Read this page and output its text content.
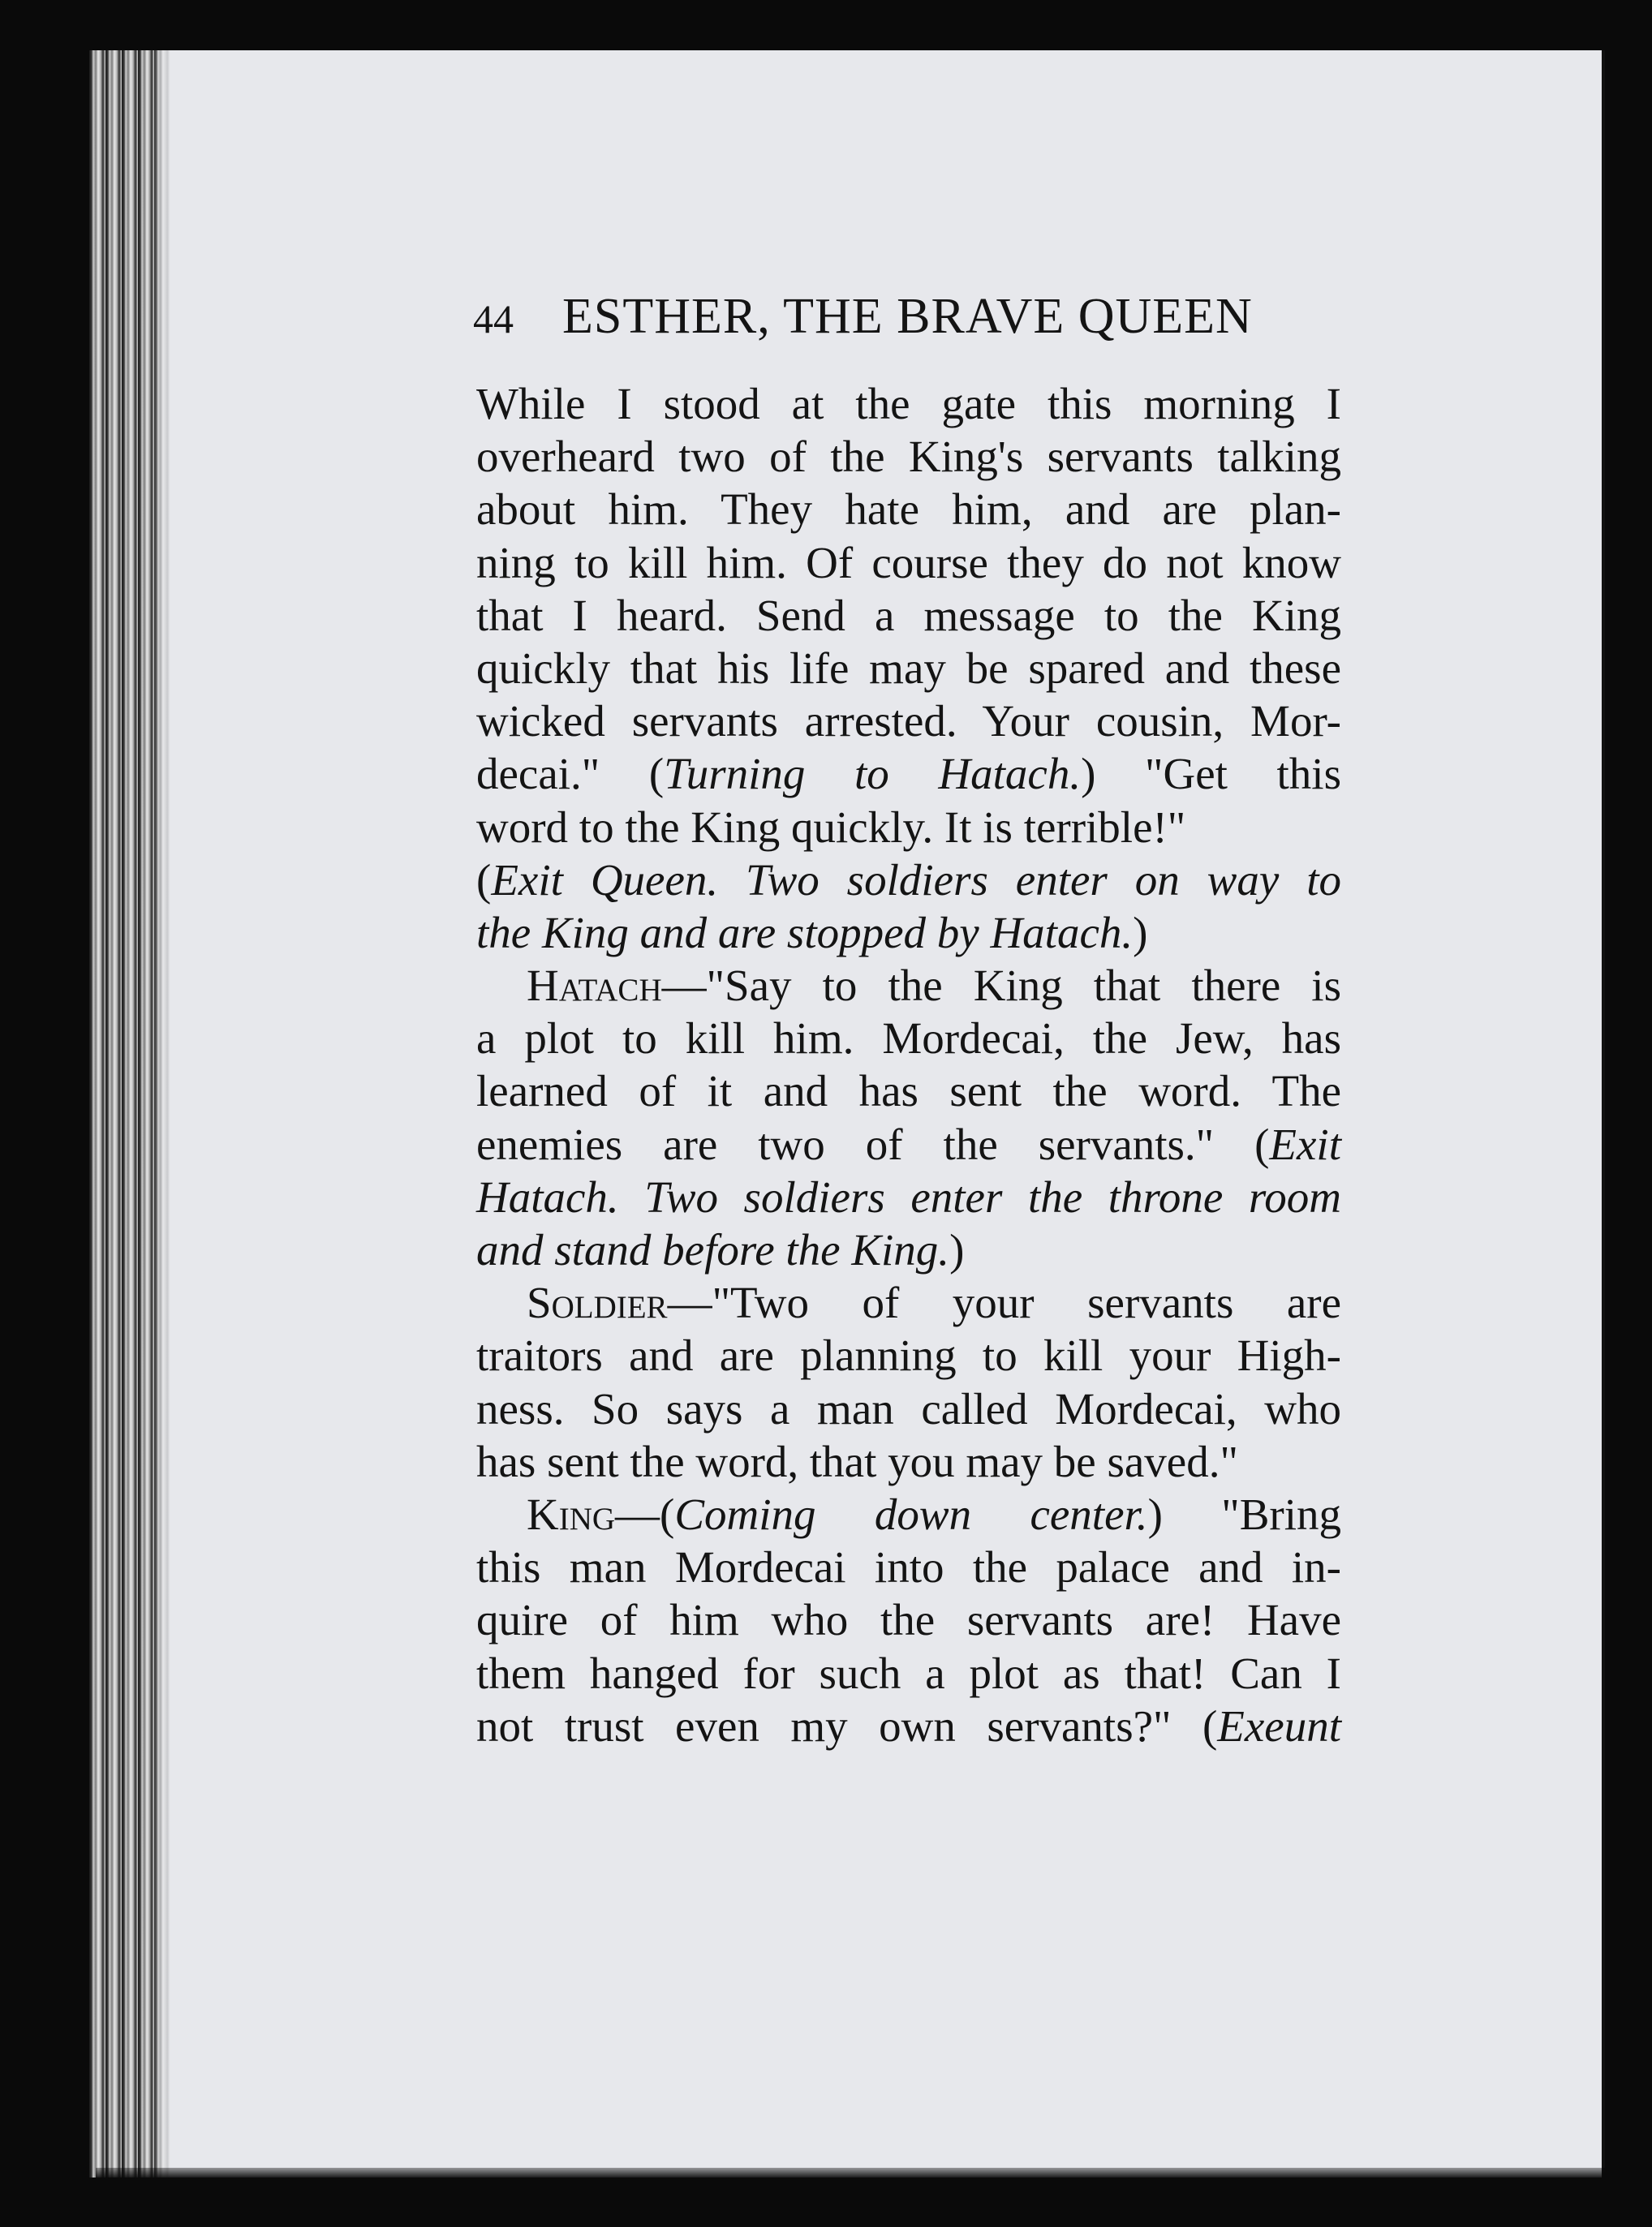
44 ESTHER, THE BRAVE QUEEN
While I stood at the gate this morning I
overheard two of the King's servants talking
about him. They hate him, and are plan-
ning to kill him. Of course they do not know
that I heard. Send a message to the King
quickly that his life may be spared and these
wicked servants arrested. Your cousin, Mor-
decai." (Turning to Hatach.) "Get this
word to the King quickly. It is terrible!"
(Exit Queen. Two soldiers enter on way to
the King and are stopped by Hatach.)
Hatach—"Say to the King that there is
a plot to kill him. Mordecai, the Jew, has
learned of it and has sent the word. The
enemies are two of the servants." (Exit
Hatach. Two soldiers enter the throne room
and stand before the King.)
Soldier—"Two of your servants are
traitors and are planning to kill your High-
ness. So says a man called Mordecai, who
has sent the word, that you may be saved."
King—(Coming down center.) "Bring
this man Mordecai into the palace and in-
quire of him who the servants are! Have
them hanged for such a plot as that! Can I
not trust even my own servants?" (Exeunt
